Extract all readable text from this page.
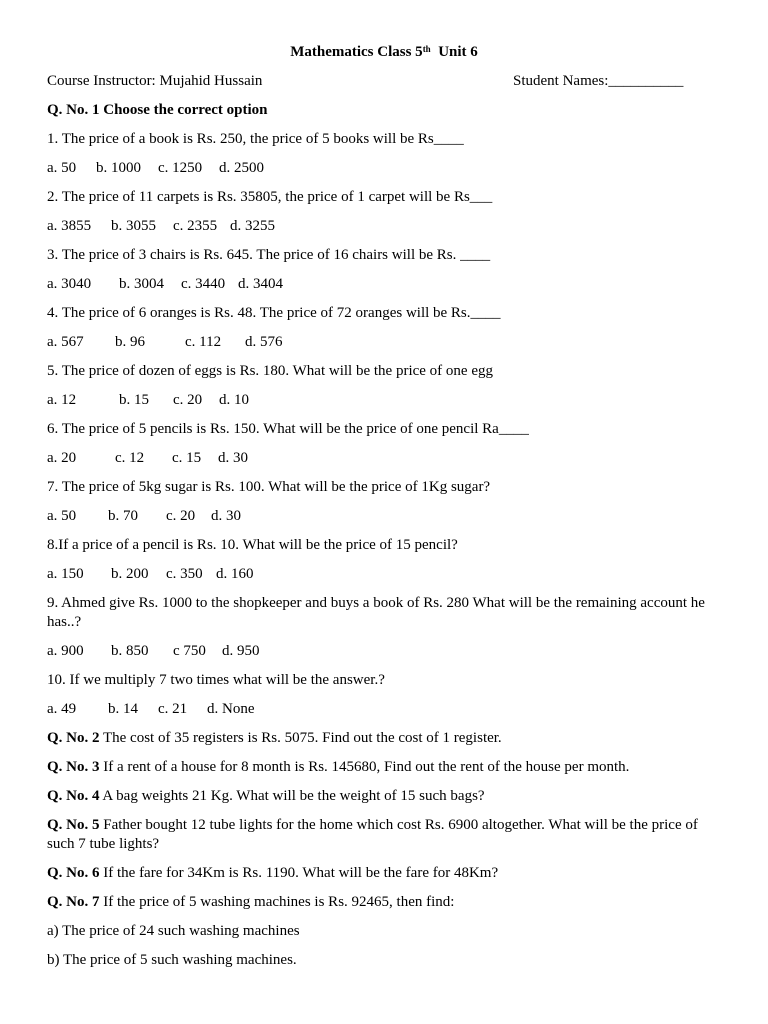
Mathematics Class 5th Unit 6
Course Instructor: Mujahid Hussain	Student Names:__________
Q. No. 1 Choose the correct option
1. The price of a book is Rs. 250, the price of 5 books will be Rs____
a. 50 b. 1000 c. 1250 d. 2500
2. The price of 11 carpets is Rs. 35805, the price of 1 carpet will be Rs___
a. 3855 b. 3055 c. 2355 d. 3255
3. The price of 3 chairs is Rs. 645. The price of 16 chairs will be Rs. ____
a. 3040 b. 3004 c. 3440 d. 3404
4. The price of 6 oranges is Rs. 48. The price of 72 oranges will be Rs.____
a. 567 b. 96	c. 112 d. 576
5. The price of dozen of eggs is Rs. 180. What will be the price of one egg
a. 12	b. 15 c. 20 d. 10
6. The price of 5 pencils is Rs. 150. What will be the price of one pencil Ra____
a. 20	c. 12 c. 15 d. 30
7. The price of 5kg sugar is Rs. 100. What will be the price of 1Kg sugar?
a. 50 b. 70 c. 20 d. 30
8.If a price of a pencil is Rs. 10. What will be the price of 15 pencil?
a. 150 b. 200 c. 350 d. 160
9. Ahmed give Rs. 1000 to the shopkeeper and buys a book of Rs. 280 What will be the remaining account he has..?
a. 900 b. 850 c 750 d. 950
10. If we multiply 7 two times what will be the answer.?
a. 49 b. 14 c. 21 d. None
Q. No. 2 The cost of 35 registers is Rs. 5075. Find out the cost of 1 register.
Q. No. 3 If a rent of a house for 8 month is Rs. 145680, Find out the rent of the house per month.
Q. No. 4 A bag weights 21 Kg. What will be the weight of 15 such bags?
Q. No. 5 Father bought 12 tube lights for the home which cost Rs. 6900 altogether. What will be the price of such 7 tube lights?
Q. No. 6 If the fare for 34Km is Rs. 1190. What will be the fare for 48Km?
Q. No. 7 If the price of 5 washing machines is Rs. 92465, then find:
a) The price of 24 such washing machines
b) The price of 5 such washing machines.
